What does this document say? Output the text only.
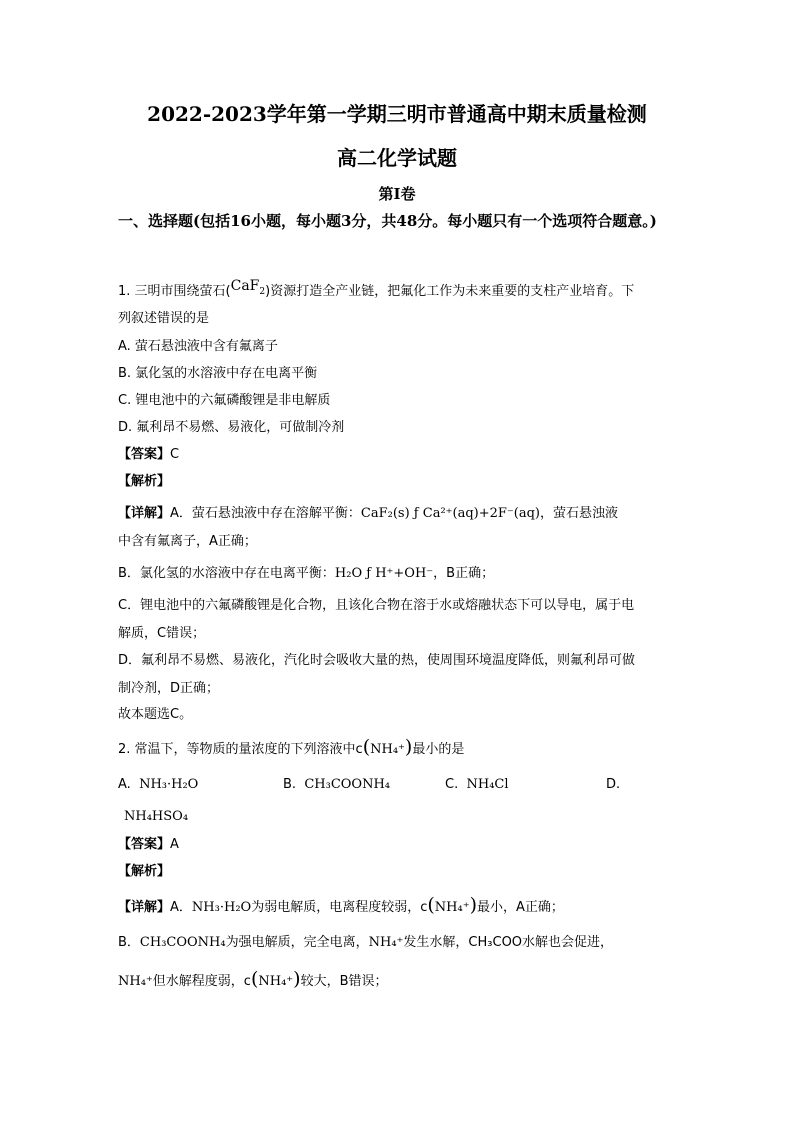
2022-2023学年第一学期三明市普通高中期末质量检测
高二化学试题
第I卷
一、选择题(包括16小题，每小题3分，共48分。每小题只有一个选项符合题意。)
1. 三明市围绕萤石(CaF$_2$)资源打造全产业链，把氟化工作为未来重要的支柱产业培育。下
列叙述错误的是
A. 萤石悬浊液中含有氟离子
B. 氯化氢的水溶液中存在电离平衡
C. 锂电池中的六氟磷酸锂是非电解质
D. 氟利昂不易燃、易液化，可做制冷剂
【答案】C
【解析】
【详解】A．萤石悬浊液中存在溶解平衡：CaF₂(s) ƒ Ca²⁺(aq)+2F⁻(aq)，萤石悬浊液
中含有氟离子，A正确；
B．氯化氢的水溶液中存在电离平衡：H₂O ƒ H⁺+OH⁻，B正确；
C．锂电池中的六氟磷酸锂是化合物，且该化合物在溶于水或熔融状态下可以导电，属于电
解质，C错误；
D．氟利昂不易燃、易液化，汽化时会吸收大量的热，使周围环境温度降低，则氟利昂可做
制冷剂，D正确；
故本题选C。
2. 常温下，等物质的量浓度的下列溶液中c(NH₄⁺)最小的是
A. NH₃·H₂O	B. CH₃COONH₄	C. NH₄Cl	D.
NH₄HSO₄
【答案】A
【解析】
【详解】A．NH₃·H₂O为弱电解质，电离程度较弱，c(NH₄⁺)最小，A正确；
B．CH₃COONH₄为强电解质，完全电离，NH₄⁺发生水解，CH₃COO水解也会促进，
NH₄⁺但水解程度弱，c(NH₄⁺)较大，B错误；
